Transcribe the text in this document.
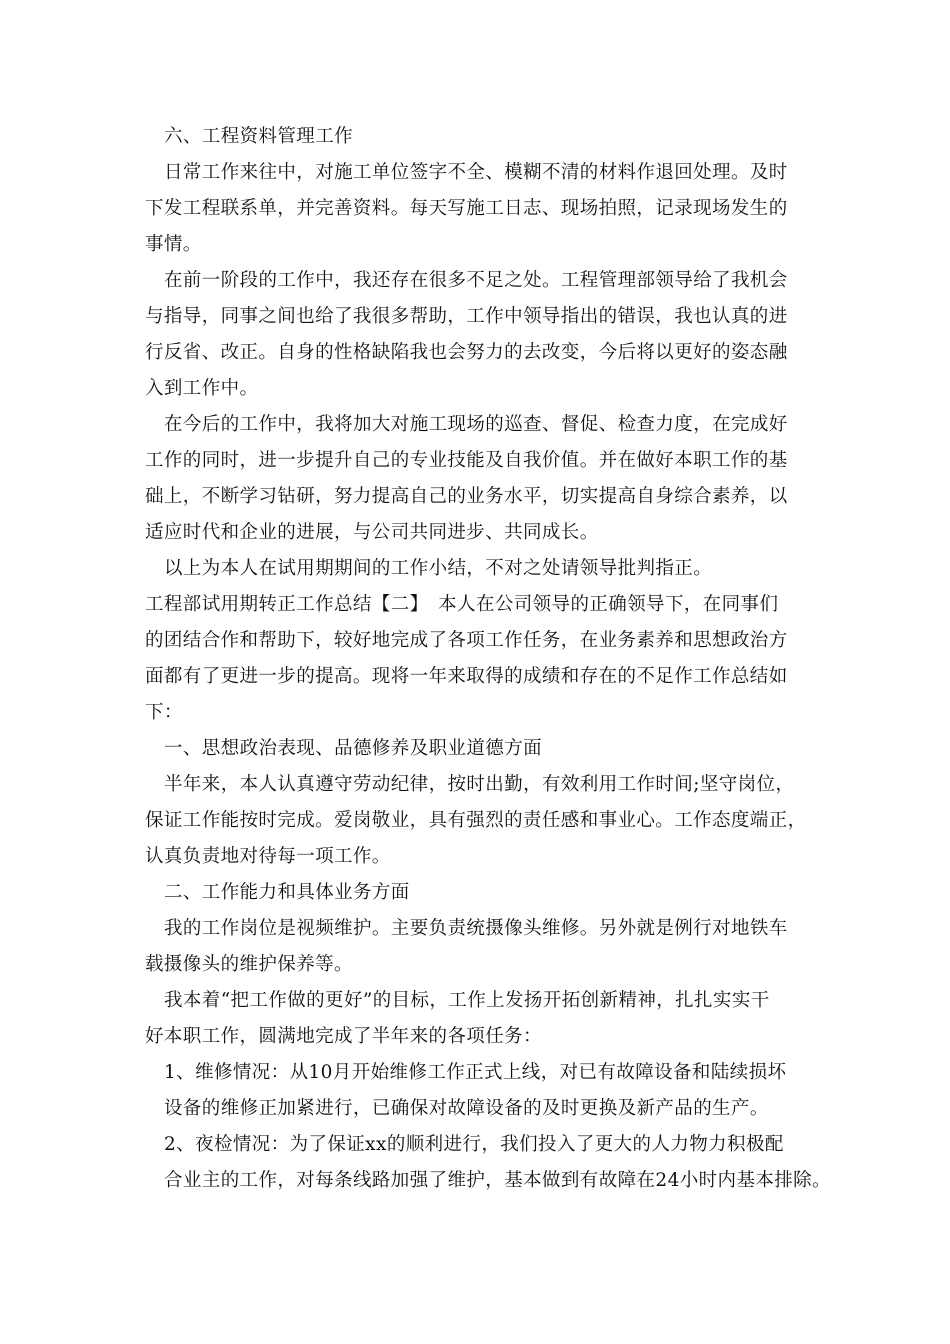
六、工程资料管理工作
日常工作来往中，对施工单位签字不全、模糊不清的材料作退回处理。及时
下发工程联系单，并完善资料。每天写施工日志、现场拍照，记录现场发生的
事情。
在前一阶段的工作中，我还存在很多不足之处。工程管理部领导给了我机会
与指导，同事之间也给了我很多帮助，工作中领导指出的错误，我也认真的进
行反省、改正。自身的性格缺陷我也会努力的去改变，今后将以更好的姿态融
入到工作中。
在今后的工作中，我将加大对施工现场的巡查、督促、检查力度，在完成好
工作的同时，进一步提升自己的专业技能及自我价值。并在做好本职工作的基
础上，不断学习钻研，努力提高自己的业务水平，切实提高自身综合素养，以
适应时代和企业的进展，与公司共同进步、共同成长。
以上为本人在试用期期间的工作小结，不对之处请领导批判指正。
工程部试用期转正工作总结【二】　本人在公司领导的正确领导下，在同事们
的团结合作和帮助下，较好地完成了各项工作任务，在业务素养和思想政治方
面都有了更进一步的提高。现将一年来取得的成绩和存在的不足作工作总结如
下：
一、思想政治表现、品德修养及职业道德方面
半年来，本人认真遵守劳动纪律，按时出勤，有效利用工作时间;坚守岗位，
保证工作能按时完成。爱岗敬业，具有强烈的责任感和事业心。工作态度端正，
认真负责地对待每一项工作。
二、工作能力和具体业务方面
我的工作岗位是视频维护。主要负责统摄像头维修。另外就是例行对地铁车
载摄像头的维护保养等。
我本着“把工作做的更好”的目标，工作上发扬开拓创新精神，扎扎实实干
好本职工作，圆满地完成了半年来的各项任务：
1、维修情况：从10月开始维修工作正式上线，对已有故障设备和陆续损坏
设备的维修正加紧进行，已确保对故障设备的及时更换及新产品的生产。
2、夜检情况：为了保证xx的顺利进行，我们投入了更大的人力物力积极配
合业主的工作，对每条线路加强了维护，基本做到有故障在24小时内基本排除。
